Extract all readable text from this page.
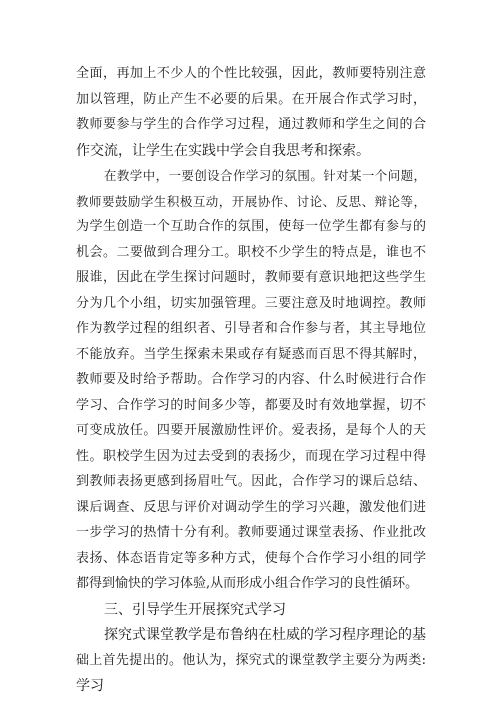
全面，再加上不少人的个性比较强，因此，教师要特别注意
加以管理，防止产生不必要的后果。在开展合作式学习时，
教师要参与学生的合作学习过程，通过教师和学生之间的合
作交流，让学生在实践中学会自我思考和探索。
在教学中，一要创设合作学习的氛围。针对某一个问题，
教师要鼓励学生积极互动，开展协作、讨论、反思、辩论等，
为学生创造一个互助合作的氛围，使每一位学生都有参与的
机会。二要做到合理分工。职校不少学生的特点是，谁也不
服谁，因此在学生探讨问题时，教师要有意识地把这些学生
分为几个小组，切实加强管理。三要注意及时地调控。教师
作为教学过程的组织者、引导者和合作参与者，其主导地位
不能放弃。当学生探索未果或存有疑惑而百思不得其解时，
教师要及时给予帮助。合作学习的内容、什么时候进行合作
学习、合作学习的时间多少等，都要及时有效地掌握，切不
可变成放任。四要开展激励性评价。爱表扬，是每个人的天
性。职校学生因为过去受到的表扬少，而现在学习过程中得
到教师表扬更感到扬眉吐气。因此，合作学习的课后总结、
课后调查、反思与评价对调动学生的学习兴趣，激发他们进
一步学习的热情十分有利。教师要通过课堂表扬、作业批改
表扬、体态语肯定等多种方式，使每个合作学习小组的同学
都得到愉快的学习体验,从而形成小组合作学习的良性循环。
三、引导学生开展探究式学习
探究式课堂教学是布鲁纳在杜威的学习程序理论的基
础上首先提出的。他认为，探究式的课堂教学主要分为两类:
学习
